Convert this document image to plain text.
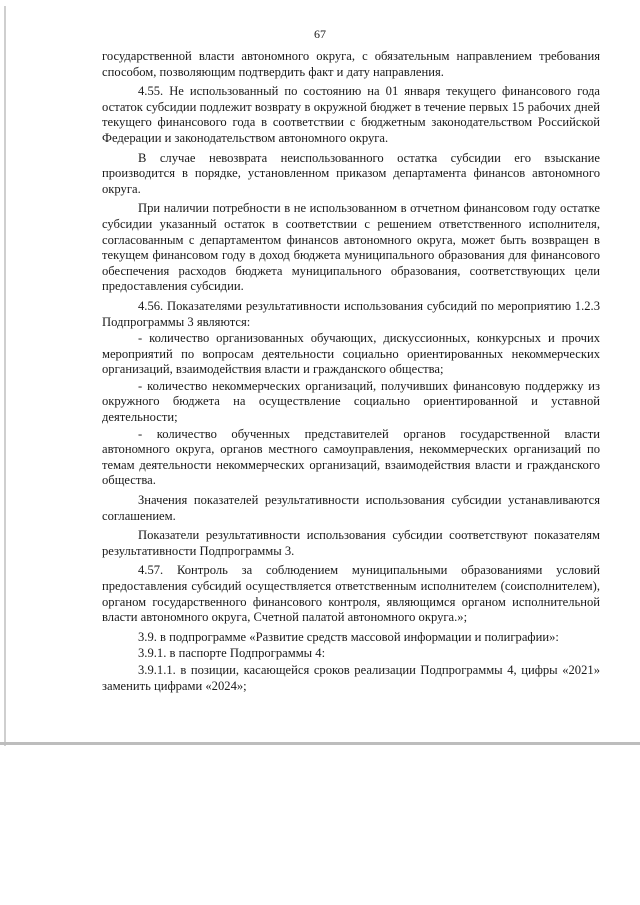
67

государственной власти автономного округа, с обязательным направлением требования способом, позволяющим подтвердить факт и дату направления.

4.55. Не использованный по состоянию на 01 января текущего финансового года остаток субсидии подлежит возврату в окружной бюджет в течение первых 15 рабочих дней текущего финансового года в соответствии с бюджетным законодательством Российской Федерации и законодательством автономного округа.

В случае невозврата неиспользованного остатка субсидии его взыскание производится в порядке, установленном приказом департамента финансов автономного округа.

При наличии потребности в не использованном в отчетном финансовом году остатке субсидии указанный остаток в соответствии с решением ответственного исполнителя, согласованным с департаментом финансов автономного округа, может быть возвращен в текущем финансовом году в доход бюджета муниципального образования для финансового обеспечения расходов бюджета муниципального образования, соответствующих цели предоставления субсидии.

4.56. Показателями результативности использования субсидий по мероприятию 1.2.3 Подпрограммы 3 являются:

- количество организованных обучающих, дискуссионных, конкурсных и прочих мероприятий по вопросам деятельности социально ориентированных некоммерческих организаций, взаимодействия власти и гражданского общества;

- количество некоммерческих организаций, получивших финансовую поддержку из окружного бюджета на осуществление социально ориентированной и уставной деятельности;

- количество обученных представителей органов государственной власти автономного округа, органов местного самоуправления, некоммерческих организаций по темам деятельности некоммерческих организаций, взаимодействия власти и гражданского общества.

Значения показателей результативности использования субсидии устанавливаются соглашением.

Показатели результативности использования субсидии соответствуют показателям результативности Подпрограммы 3.

4.57. Контроль за соблюдением муниципальными образованиями условий предоставления субсидий осуществляется ответственным исполнителем (соисполнителем), органом государственного финансового контроля, являющимся органом исполнительной власти автономного округа, Счетной палатой автономного округа.»;

3.9. в подпрограмме «Развитие средств массовой информации и полиграфии»:

3.9.1. в паспорте Подпрограммы 4:

3.9.1.1. в позиции, касающейся сроков реализации Подпрограммы 4, цифры «2021» заменить цифрами «2024»;
